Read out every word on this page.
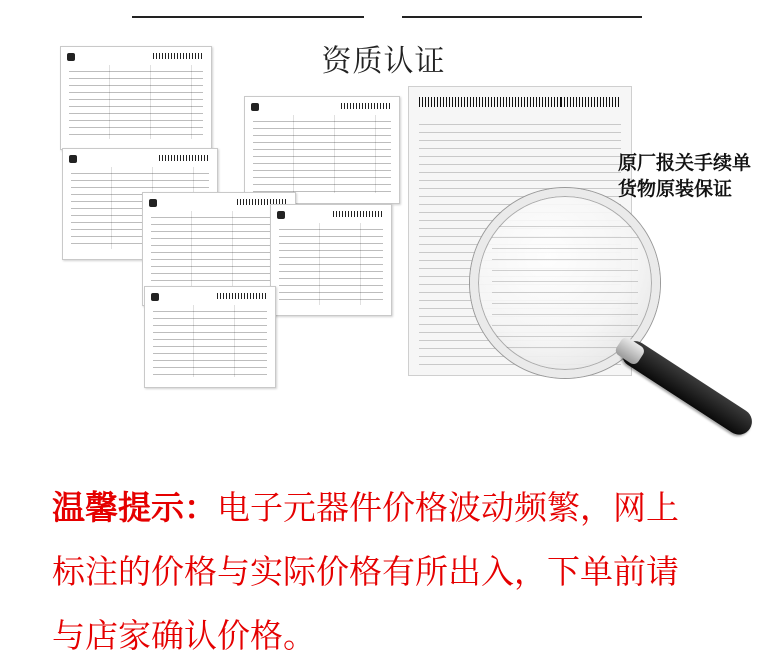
资质认证
原厂报关手续单
货物原装保证
温馨提示：电子元器件价格波动频繁，网上
标注的价格与实际价格有所出入，下单前请
与店家确认价格。
